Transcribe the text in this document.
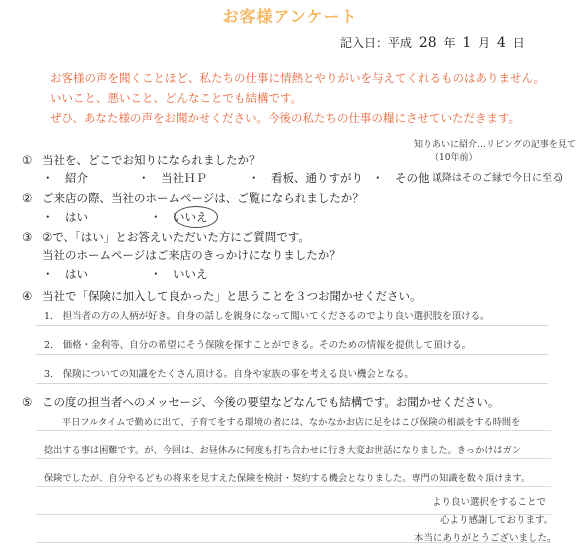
お客様アンケート
記入日：平成 28 年 1 月 4 日
お客様の声を聞くことほど、私たちの仕事に情熱とやりがいを与えてくれるものはありません。
いいこと、悪いこと、どんなことでも結構です。
ぜひ、あなた様の声をお聞かせください。今後の私たちの仕事の糧にさせていただきます。
① 当社を、どこでお知りになられましたか？
・　紹介	・　当社ＨＰ	・　看板、通りすがり ・　その他（
知りあいに紹介…リビングの記事を見て
（10年前）
以降はそのご縁で今日に至る
）
② ご来店の際、当社のホームページは、ご覧になられましたか？
・　はい	・　いいえ
③ ②で、「はい」とお答えいただいた方にご質問です。
当社のホームページはご来店のきっかけになりましたか？
・　はい	・　いいえ
④ 当社で「保険に加入して良かった」と思うことを３つお聞かせください。
1.　担当者の方の人柄が好き。自身の話しを親身になって聞いてくださるのでより良い選択肢を頂ける。
2.　価格・金利等、自分の希望にそう保険を探すことができる。そのための情報を提供して頂ける。
3.　保険についての知識をたくさん頂ける。自身や家族の事を考える良い機会となる。
⑤ この度の担当者へのメッセージ、今後の要望などなんでも結構です。お聞かせください。
平日フルタイムで勤めに出て、子育てをする環境の者には、なかなかお店に足をはこび保険の相談をする時間を
捻出する事は困難です。が、今回は、お昼休みに何度も打ち合わせに行き大変お世話になりました。きっかけはガン
保険でしたが、自分やるどもの将来を見すえた保険を検討・契約する機会となりました。専門の知識を数々頂けます。
より良い選択をすることで
心より感謝しております。
本当にありがとうございました。
